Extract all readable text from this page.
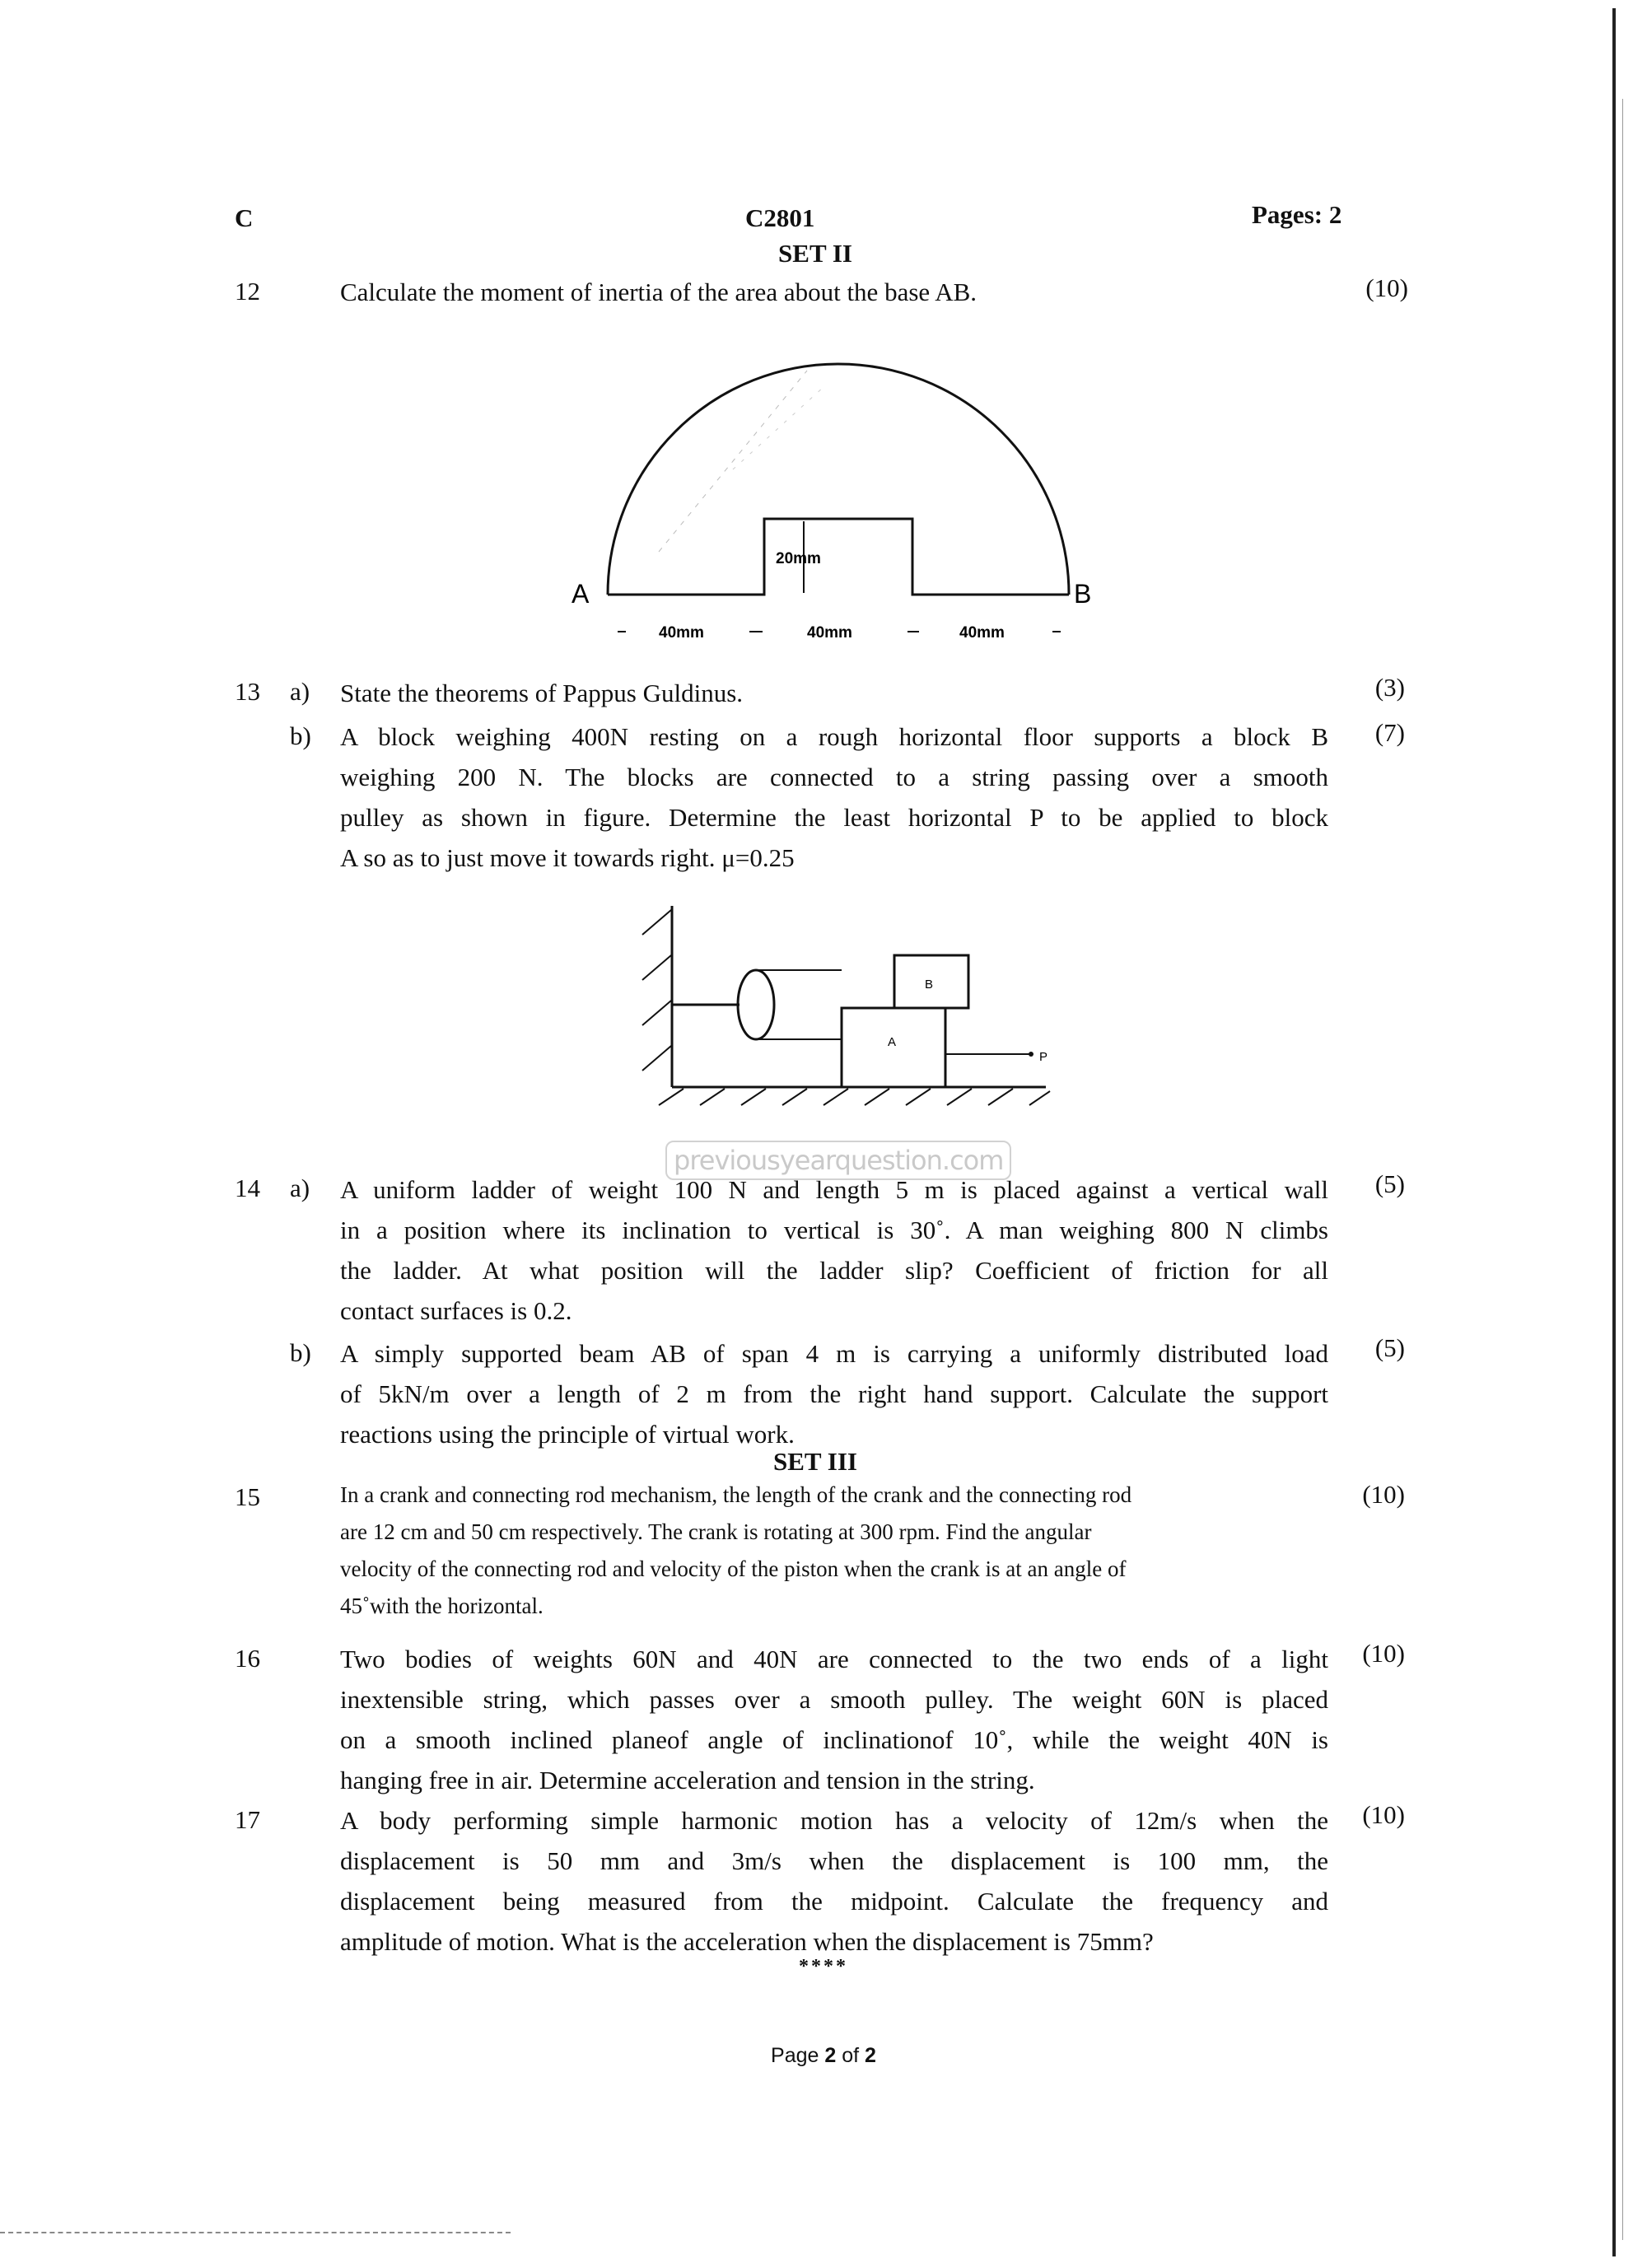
C	C2801	Pages: 2
SET II
12	Calculate the moment of inertia of the area about the base AB.	(10)
A	B
20mm
40mm	40mm	40mm
13 a) State the theorems of Pappus Guldinus.	(3)
b) A block weighing 400N resting on a rough horizontal floor supports a block B
weighing 200 N. The blocks are connected to a string passing over a smooth
pulley as shown in figure. Determine the least horizontal P to be applied to block
A so as to just move it towards right. μ=0.25
(7)
B
A
P
previousyearquestion.com
14 a) A uniform ladder of weight 100 N and length 5 m is placed against a vertical wall
in a position where its inclination to vertical is 30˚. A man weighing 800 N climbs
the ladder. At what position will the ladder slip? Coefficient of friction for all
contact surfaces is 0.2.
(5)
b) A simply supported beam AB of span 4 m is carrying a uniformly distributed load
of 5kN/m over a length of 2 m from the right hand support. Calculate the support
reactions using the principle of virtual work.
(5)
SET III
15	In a crank and connecting rod mechanism, the length of the crank and the connecting rod
are 12 cm and 50 cm respectively. The crank is rotating at 300 rpm. Find the angular
velocity of the connecting rod and velocity of the piston when the crank is at an angle of
45˚with the horizontal.
(10)
16	Two bodies of weights 60N and 40N are connected to the two ends of a light
inextensible string, which passes over a smooth pulley. The weight 60N is placed
on a smooth inclined planeof angle of inclinationof 10˚, while the weight 40N is
hanging free in air. Determine acceleration and tension in the string.
(10)
17	A body performing simple harmonic motion has a velocity of 12m/s when the
displacement is 50 mm and 3m/s when the displacement is 100 mm, the
displacement being measured from the midpoint. Calculate the frequency and
amplitude of motion. What is the acceleration when the displacement is 75mm?
(10)
****
Page 2 of 2
